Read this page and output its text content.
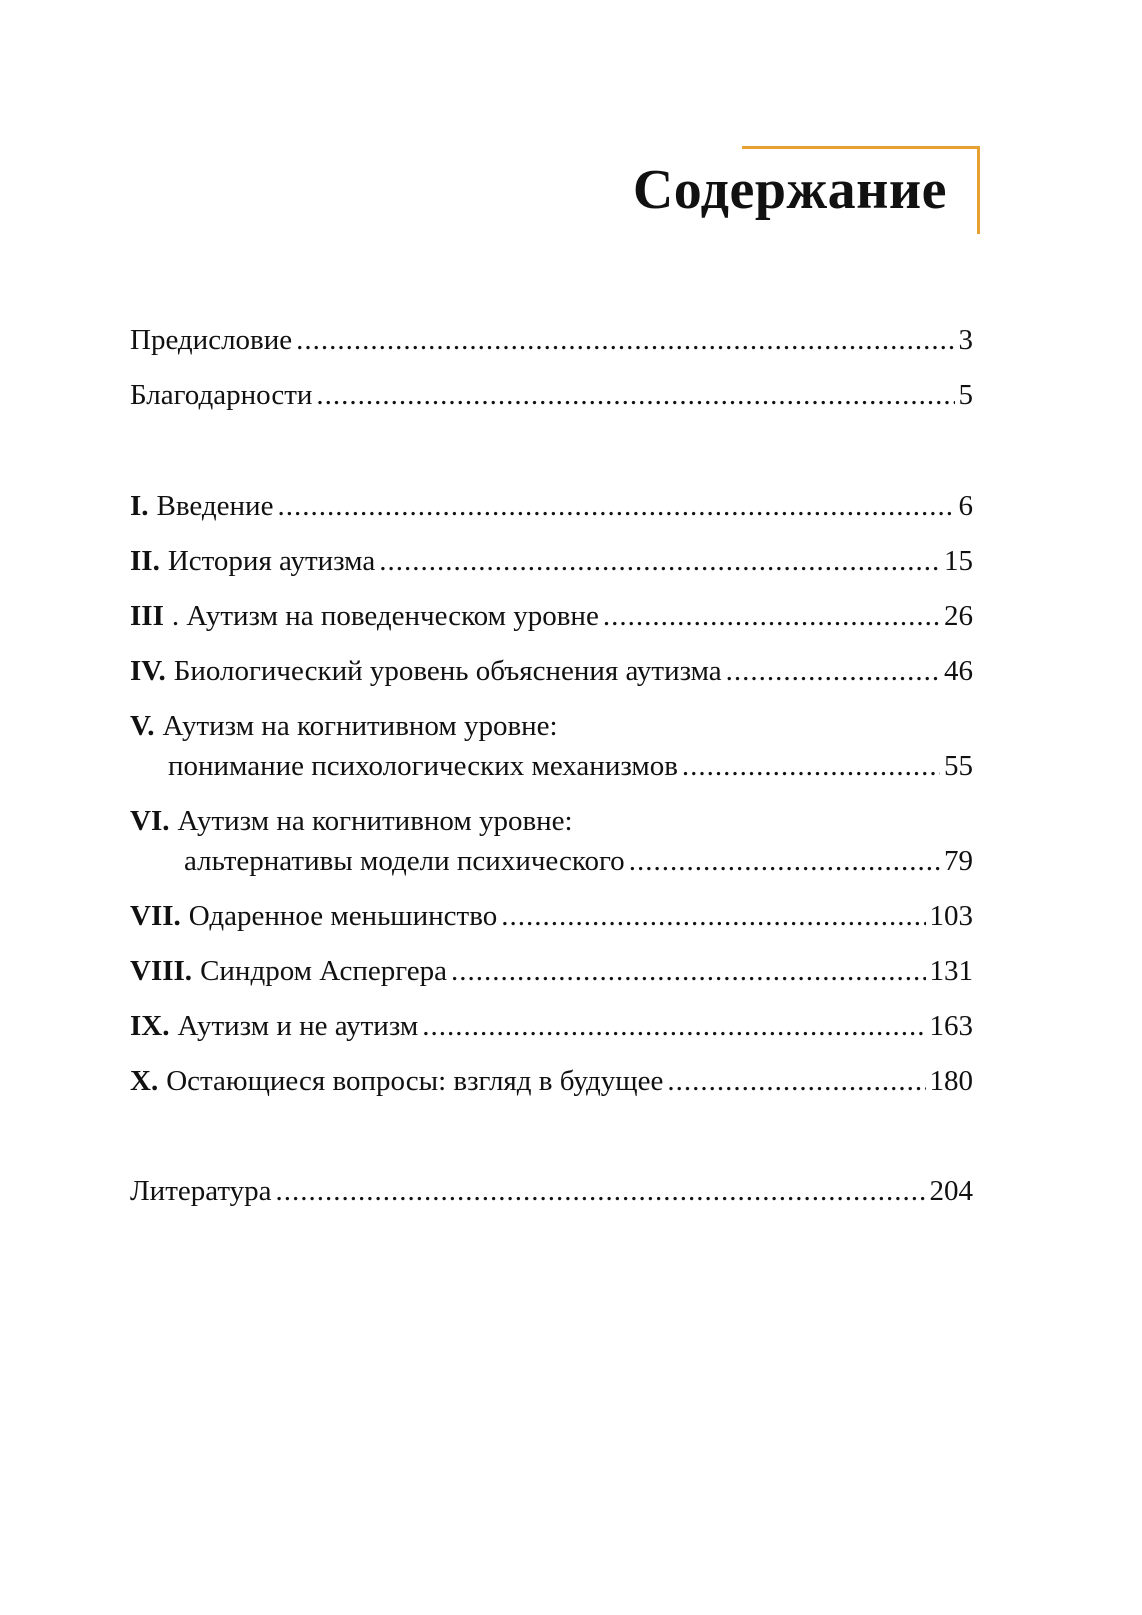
Содержание
Предисловие .....	3
Благодарности .....	5
I. Введение .....	6
II. История аутизма .....	15
III . Аутизм на поведенческом уровне .....	26
IV. Биологический уровень объяснения аутизма .....	46
V. Аутизм на когнитивном уровне:
понимание психологических механизмов .....	55
VI. Аутизм на когнитивном уровне:
альтернативы модели психического .....	79
VII. Одаренное меньшинство .....	103
VIII. Синдром Аспергера .....	131
IX. Аутизм и не аутизм .....	163
X. Остающиеся вопросы: взгляд в будущее .....	180
Литература .....	204
